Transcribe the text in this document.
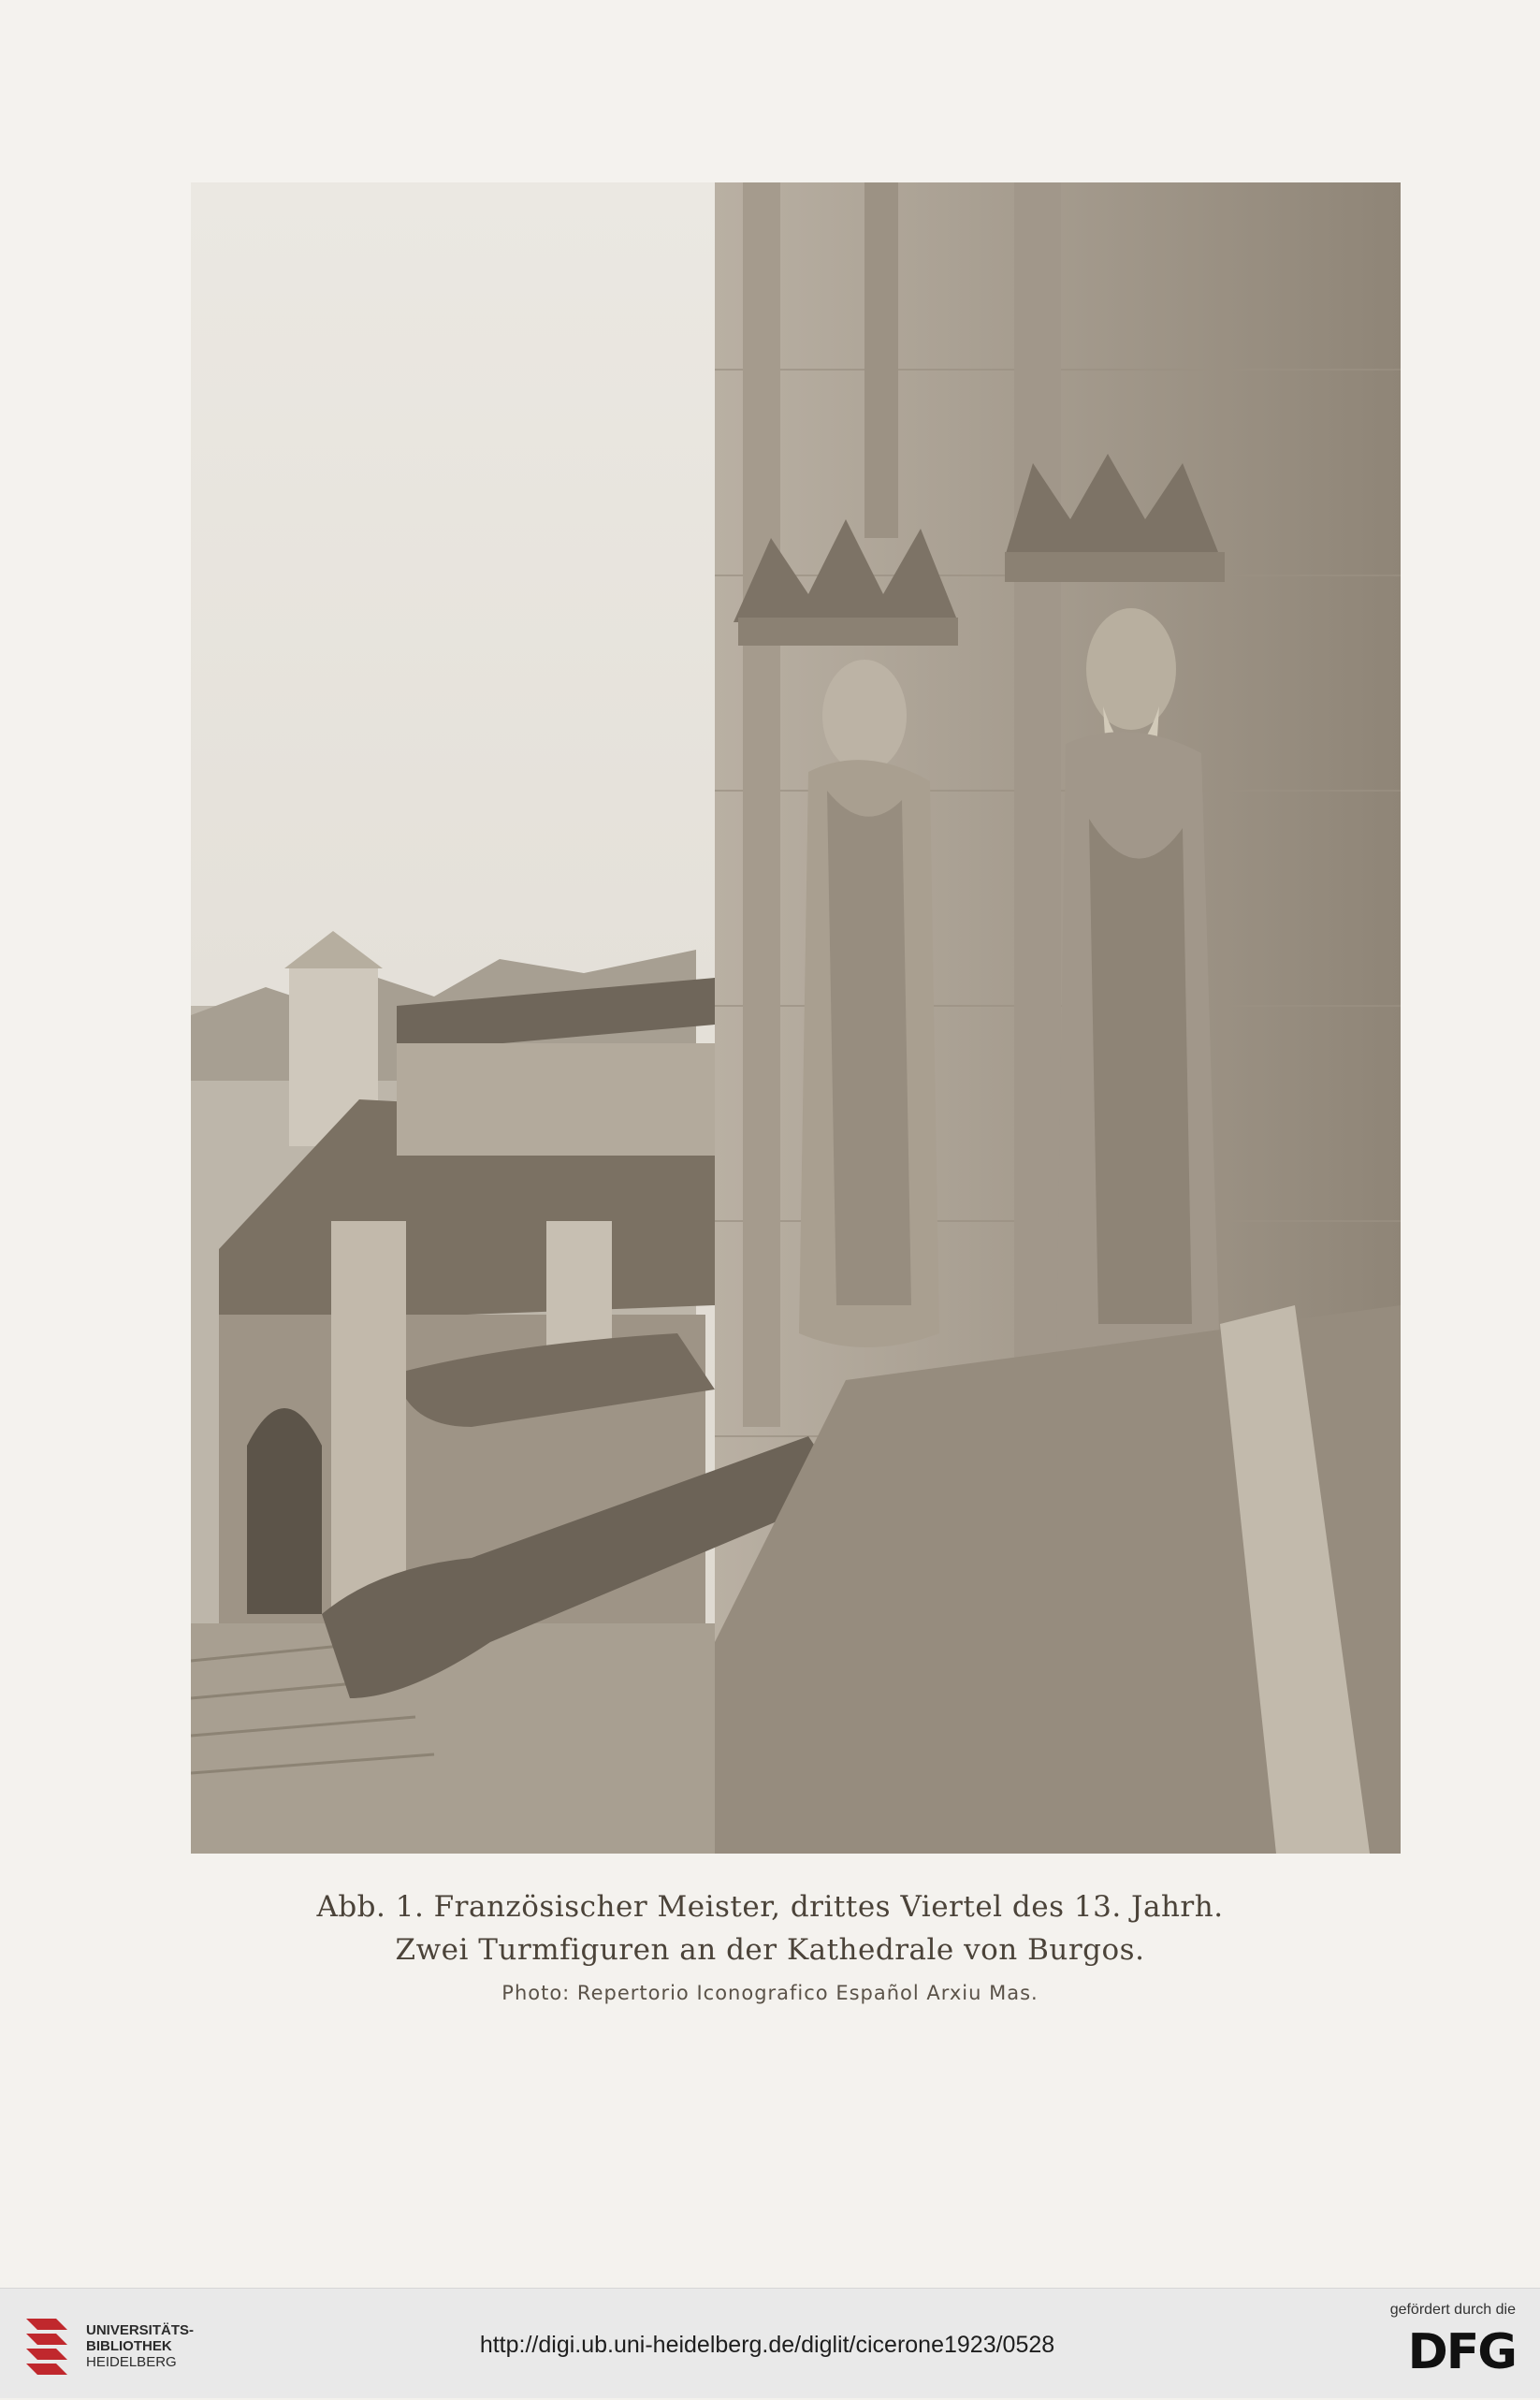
Abb. 1. Französischer Meister, drittes Viertel des 13. Jahrh.
Zwei Turmfiguren an der Kathedrale von Burgos.
Photo: Repertorio Iconografico Español Arxiu Mas.
UNIVERSITÄTS-
BIBLIOTHEK
HEIDELBERG
http://digi.ub.uni-heidelberg.de/diglit/cicerone1923/0528
gefördert durch die
DFG
